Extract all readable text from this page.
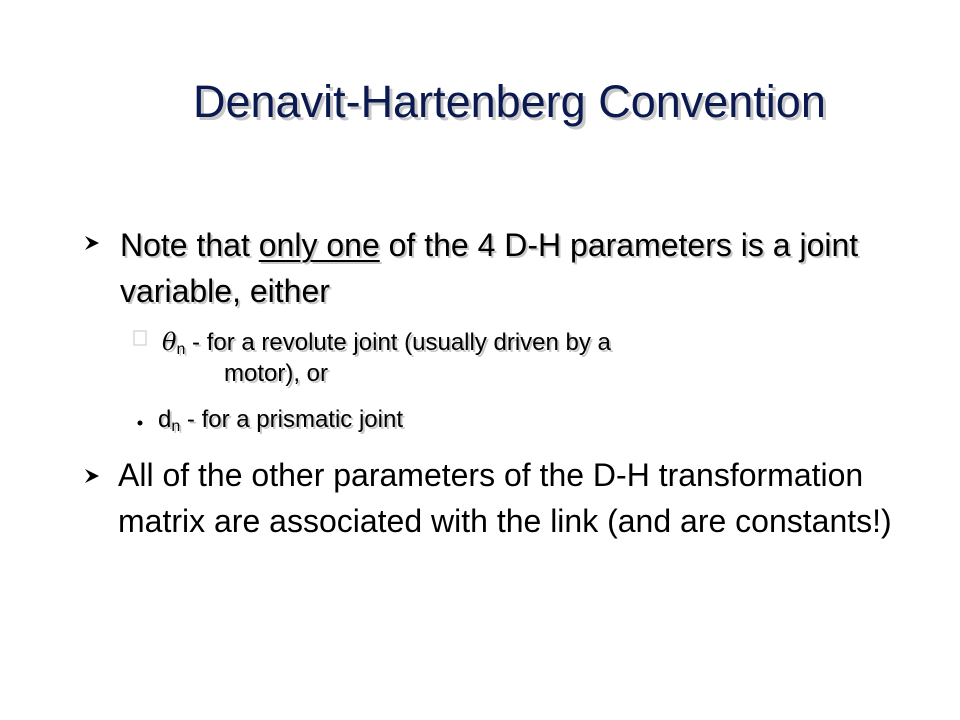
Denavit-Hartenberg Convention
Note that only one of the 4 D-H parameters is a joint variable, either
$\theta_n$ - for a revolute joint (usually driven by a
motor), or
$d_n$ - for a prismatic joint
All of the other parameters of the D-H transformation matrix are associated with the link (and are constants!)
